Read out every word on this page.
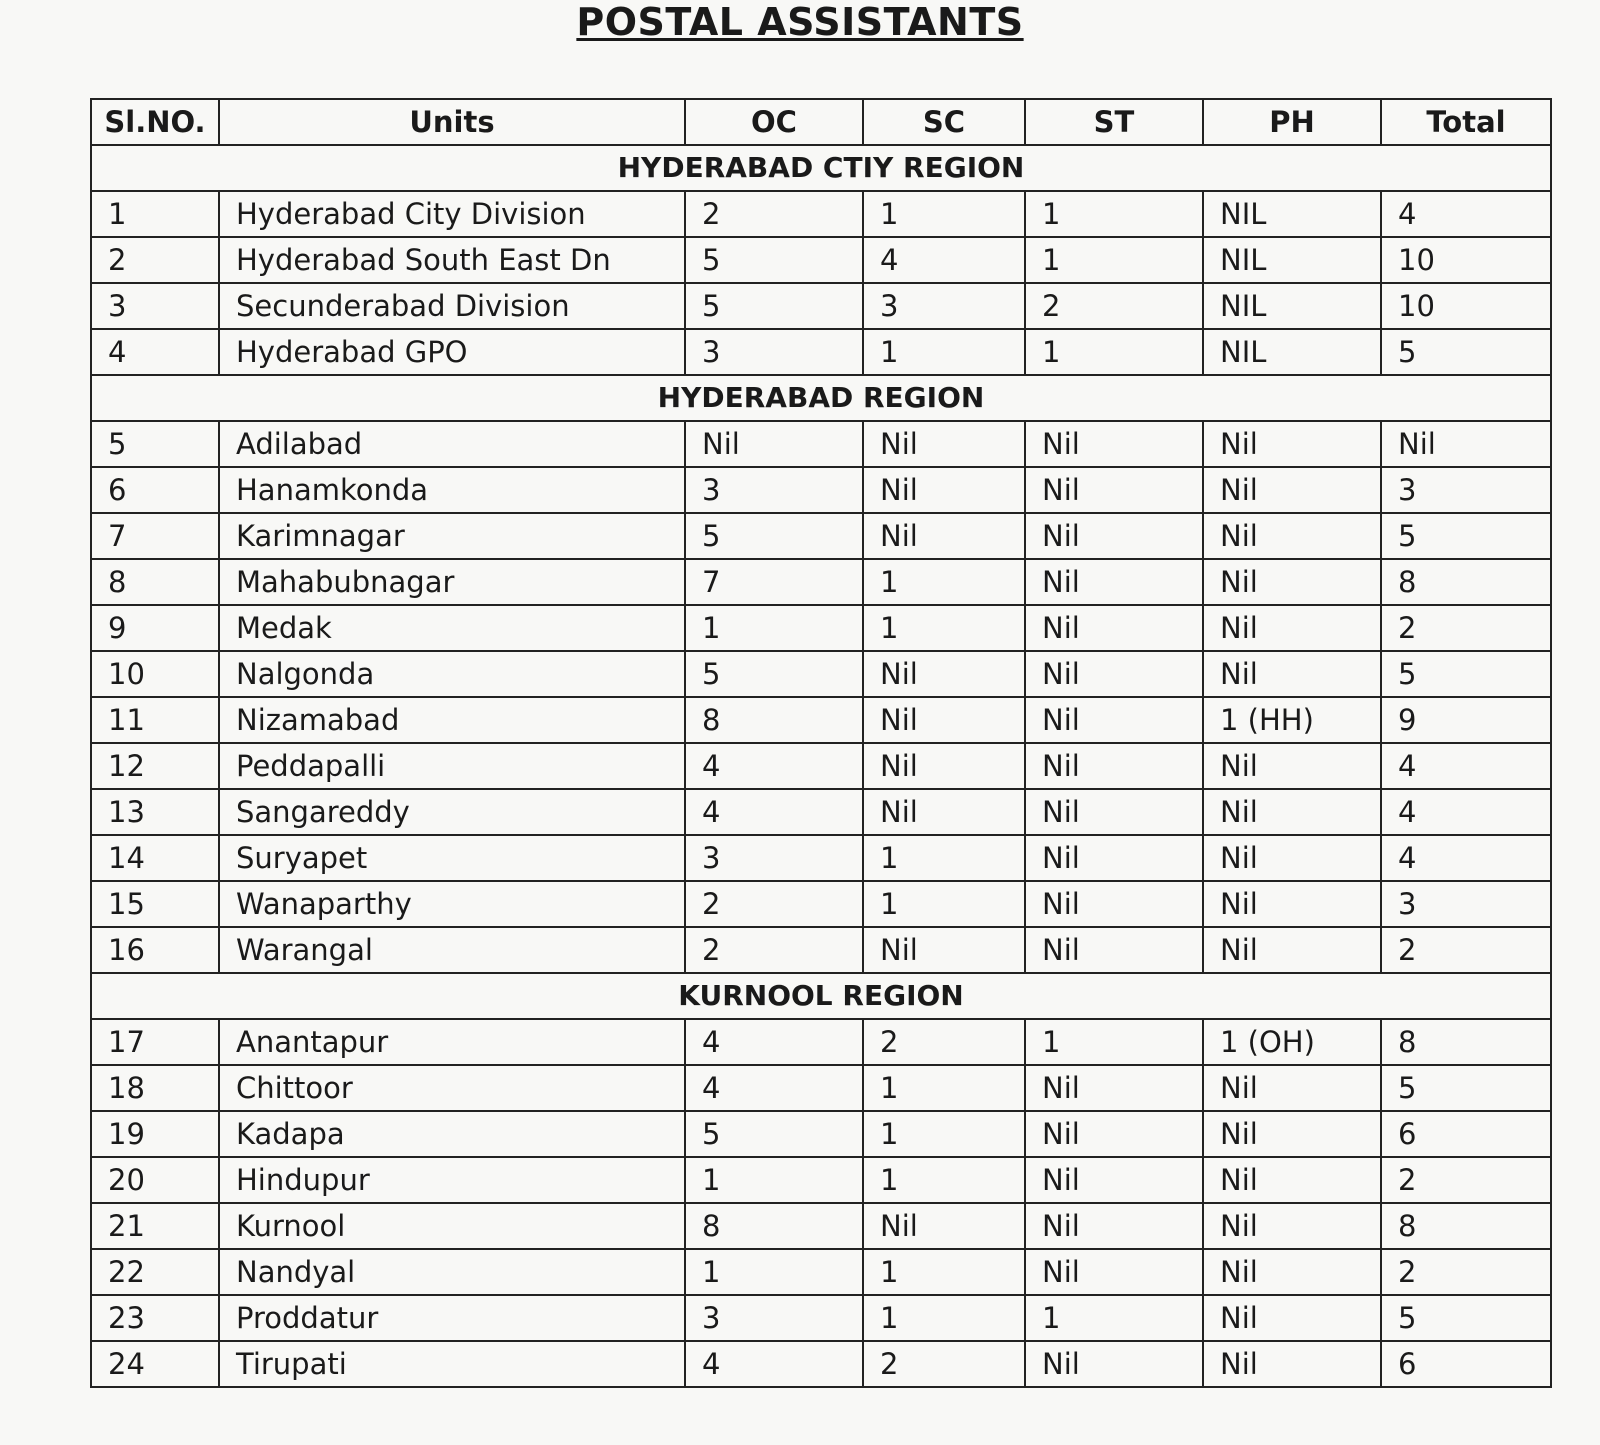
POSTAL ASSISTANTS
Sl.NO.	Units	OC	SC	ST	PH	Total
HYDERABAD CTIY REGION						
1	Hyderabad City Division	2	1	1	NIL	4
2	Hyderabad South East Dn	5	4	1	NIL	10
3	Secunderabad Division	5	3	2	NIL	10
4	Hyderabad GPO	3	1	1	NIL	5
HYDERABAD REGION						
5	Adilabad	Nil	Nil	Nil	Nil	Nil
6	Hanamkonda	3	Nil	Nil	Nil	3
7	Karimnagar	5	Nil	Nil	Nil	5
8	Mahabubnagar	7	1	Nil	Nil	8
9	Medak	1	1	Nil	Nil	2
10	Nalgonda	5	Nil	Nil	Nil	5
11	Nizamabad	8	Nil	Nil	1 (HH)	9
12	Peddapalli	4	Nil	Nil	Nil	4
13	Sangareddy	4	Nil	Nil	Nil	4
14	Suryapet	3	1	Nil	Nil	4
15	Wanaparthy	2	1	Nil	Nil	3
16	Warangal	2	Nil	Nil	Nil	2
KURNOOL REGION						
17	Anantapur	4	2	1	1 (OH)	8
18	Chittoor	4	1	Nil	Nil	5
19	Kadapa	5	1	Nil	Nil	6
20	Hindupur	1	1	Nil	Nil	2
21	Kurnool	8	Nil	Nil	Nil	8
22	Nandyal	1	1	Nil	Nil	2
23	Proddatur	3	1	1	Nil	5
24	Tirupati	4	2	Nil	Nil	6
